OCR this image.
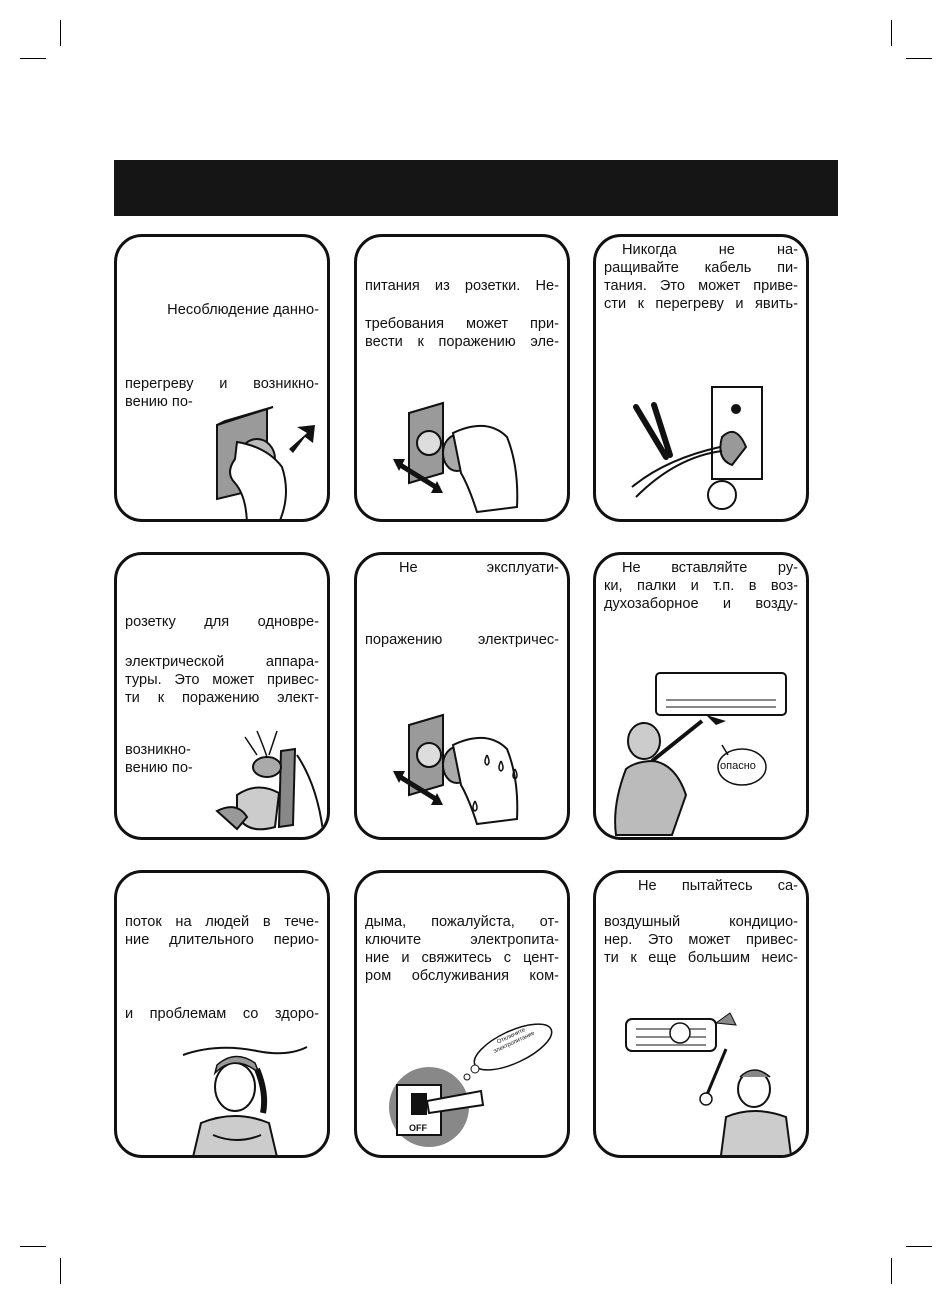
Несоблюдение данно-

перегреву и возникно-

вению по-

питания из розетки. Не-

требования может при-

вести к поражению эле-

Никогда не на-

ращивайте кабель пи-

тания. Это может приве-

сти к перегреву и явить-

розетку для одновре-

электрической аппара-

туры. Это может привес-

ти к поражению элект-

возникно-

вению по-

Не эксплуати-

поражению электричес-

Не вставляйте ру-

ки, палки и т.п. в воз-

духозаборное и возду-

опасно

поток на людей в тече-

ние длительного перио-

и проблемам со здоро-

дыма, пожалуйста, от-

ключите электропита-

ние и свяжитесь с цент-

ром обслуживания ком-

OFF
Отключите электропитание

Не пытайтесь са-

воздушный кондицио-

нер. Это может привес-

ти к еще большим неис-
